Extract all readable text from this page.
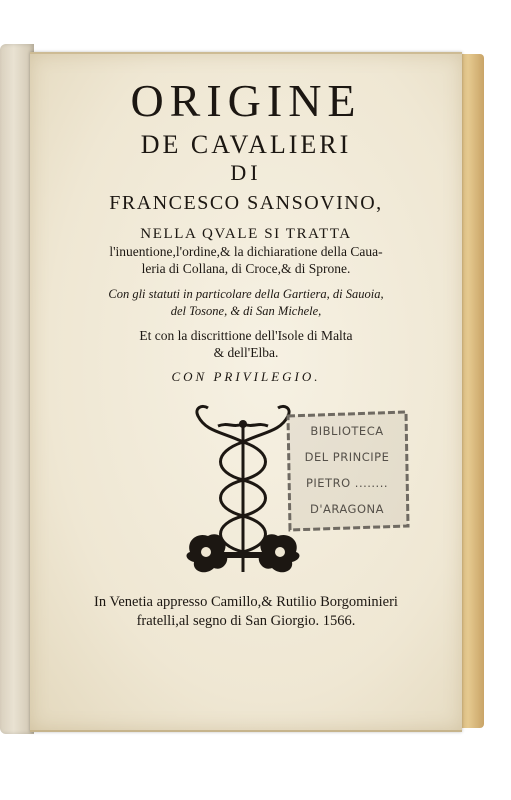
ORIGINE
DE CAVALIERI
DI
FRANCESCO SANSOVINO,
NELLA QVALE SI TRATTA
l'inuentione,l'ordine,& la dichiaratione della Caua-
leria di Collana, di Croce,& di Sprone.
Con gli statuti in particolare della Gartiera, di Sauoia,
del Tosone, & di San Michele,
Et con la discrittione dell'Isole di Malta
& dell'Elba.
CON PRIVILEGIO.
BIBLIOTECA
DEL PRINCIPE
PIETRO ........
D'ARAGONA
In Venetia appresso Camillo,& Rutilio Borgominieri
fratelli,al segno di San Giorgio. 1566.
